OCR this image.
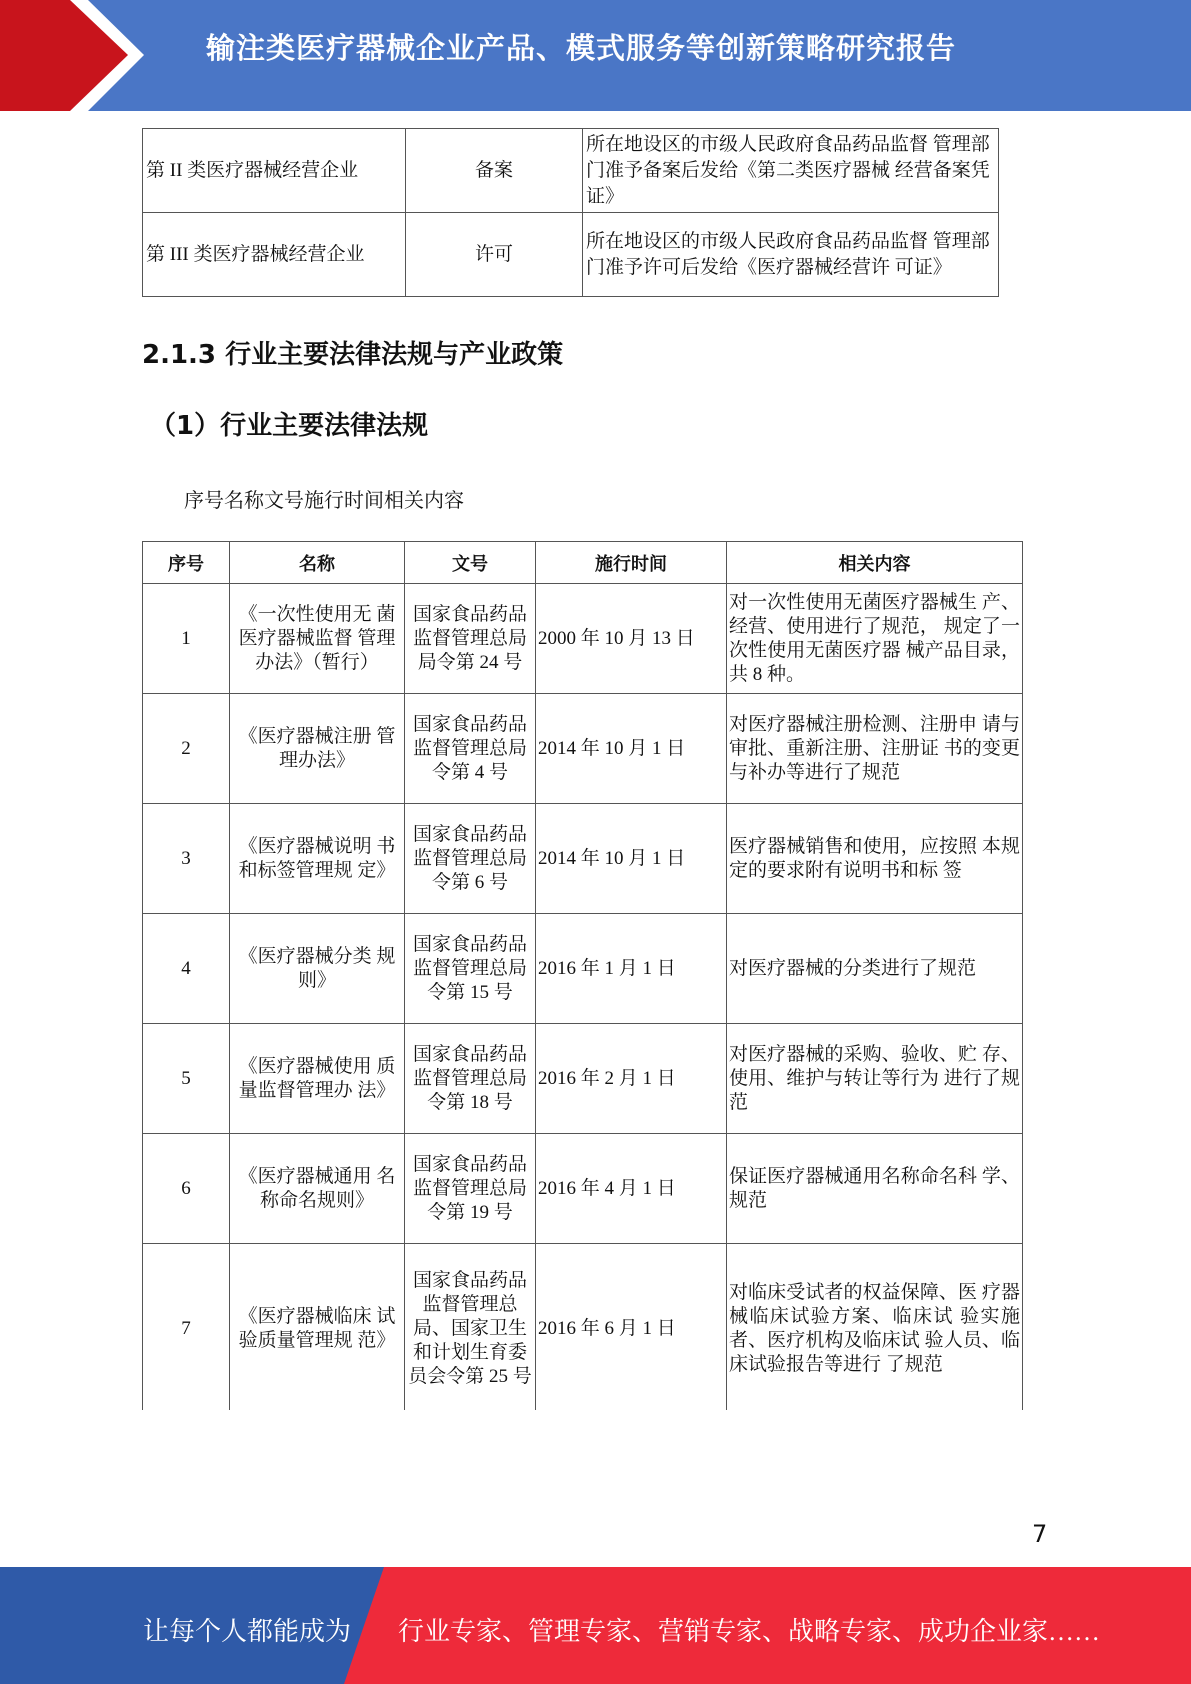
输注类医疗器械企业产品、模式服务等创新策略研究报告
第 II 类医疗器械经营企业	备案	所在地设区的市级人民政府食品药品监督 管理部门准予备案后发给《第二类医疗器械 经营备案凭证》
第 III 类医疗器械经营企业	许可	所在地设区的市级人民政府食品药品监督 管理部门准予许可后发给《医疗器械经营许 可证》
2.1.3 行业主要法律法规与产业政策
（1）行业主要法律法规
序号名称文号施行时间相关内容
序号	名称	文号	施行时间	相关内容
1	《一次性使用无 菌医疗器械监督 管理办法》（暂行）	国家食品药品监督管理总局局令第 24 号	2000 年 10 月 13 日	对一次性使用无菌医疗器械生 产、经营、使用进行了规范， 规定了一次性使用无菌医疗器 械产品目录，共 8 种。
2	《医疗器械注册 管理办法》	国家食品药品监督管理总局令第 4 号	2014 年 10 月 1 日	对医疗器械注册检测、注册申 请与审批、重新注册、注册证 书的变更与补办等进行了规范
3	《医疗器械说明 书和标签管理规 定》	国家食品药品监督管理总局令第 6 号	2014 年 10 月 1 日	医疗器械销售和使用，应按照 本规定的要求附有说明书和标 签
4	《医疗器械分类 规则》	国家食品药品监督管理总局令第 15 号	2016 年 1 月 1 日	对医疗器械的分类进行了规范
5	《医疗器械使用 质量监督管理办 法》	国家食品药品监督管理总局令第 18 号	2016 年 2 月 1 日	对医疗器械的采购、验收、贮 存、使用、维护与转让等行为 进行了规范
6	《医疗器械通用 名称命名规则》	国家食品药品监督管理总局令第 19 号	2016 年 4 月 1 日	保证医疗器械通用名称命名科 学、规范
7	《医疗器械临床 试验质量管理规 范》	国家食品药品监督管理总局、国家卫生和计划生育委员会令第 25 号	2016 年 6 月 1 日	对临床受试者的权益保障、医 疗器械临床试验方案、临床试 验实施者、医疗机构及临床试 验人员、临床试验报告等进行 了规范
7
让每个人都能成为 行业专家、管理专家、营销专家、战略专家、成功企业家……
